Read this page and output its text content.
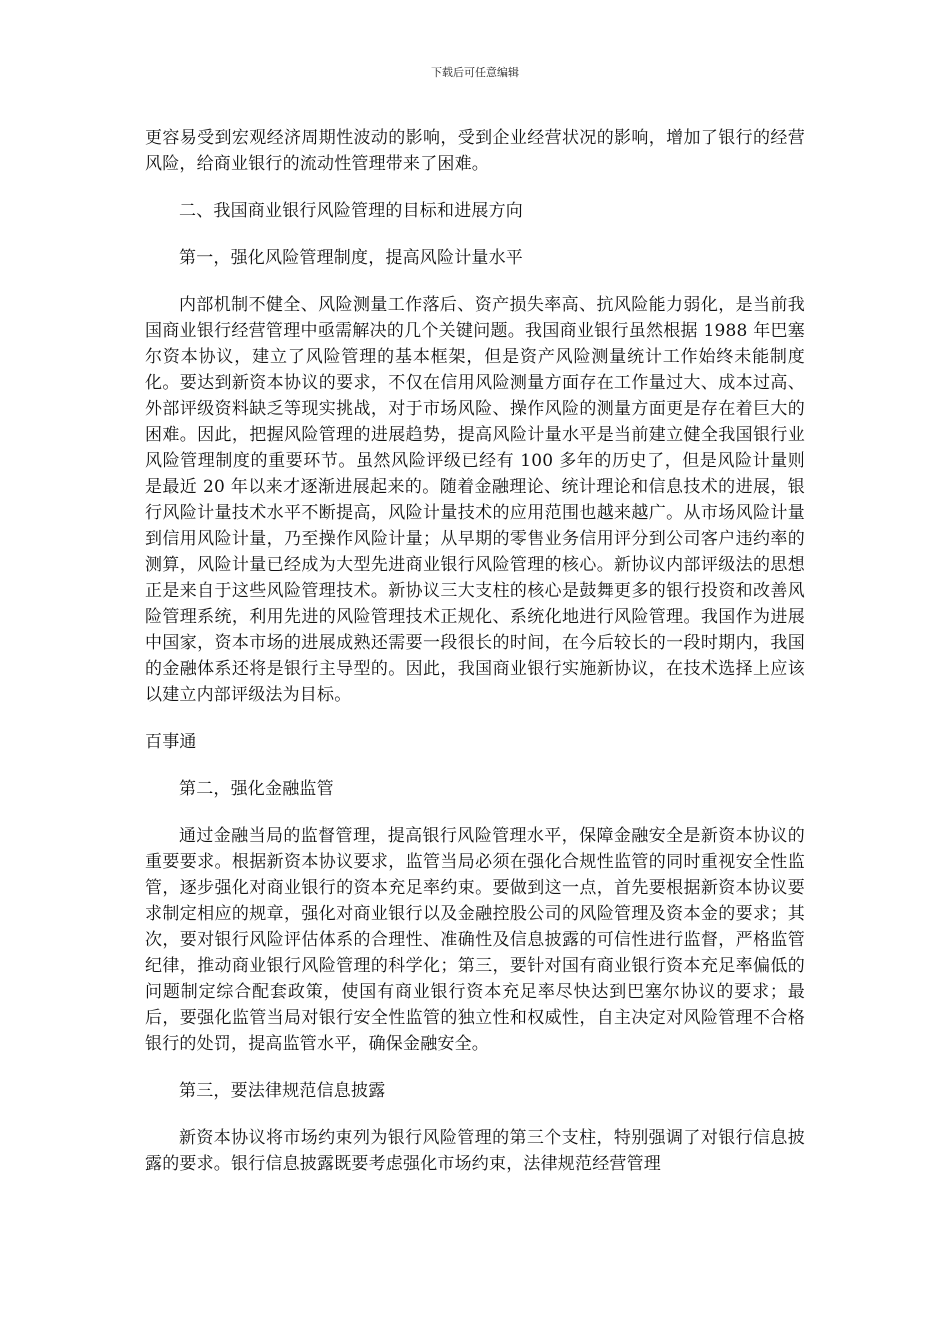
下载后可任意编辑

更容易受到宏观经济周期性波动的影响，受到企业经营状况的影响，增加了银行的经营风险，给商业银行的流动性管理带来了困难。

二、我国商业银行风险管理的目标和进展方向

第一，强化风险管理制度，提高风险计量水平

内部机制不健全、风险测量工作落后、资产损失率高、抗风险能力弱化，是当前我国商业银行经营管理中亟需解决的几个关键问题。我国商业银行虽然根据 1988 年巴塞尔资本协议，建立了风险管理的基本框架，但是资产风险测量统计工作始终未能制度化。要达到新资本协议的要求，不仅在信用风险测量方面存在工作量过大、成本过高、外部评级资料缺乏等现实挑战，对于市场风险、操作风险的测量方面更是存在着巨大的困难。因此，把握风险管理的进展趋势，提高风险计量水平是当前建立健全我国银行业风险管理制度的重要环节。虽然风险评级已经有 100 多年的历史了，但是风险计量则是最近 20 年以来才逐渐进展起来的。随着金融理论、统计理论和信息技术的进展，银行风险计量技术水平不断提高，风险计量技术的应用范围也越来越广。从市场风险计量到信用风险计量，乃至操作风险计量；从早期的零售业务信用评分到公司客户违约率的测算，风险计量已经成为大型先进商业银行风险管理的核心。新协议内部评级法的思想正是来自于这些风险管理技术。新协议三大支柱的核心是鼓舞更多的银行投资和改善风险管理系统，利用先进的风险管理技术正规化、系统化地进行风险管理。我国作为进展中国家，资本市场的进展成熟还需要一段很长的时间，在今后较长的一段时期内，我国的金融体系还将是银行主导型的。因此，我国商业银行实施新协议，在技术选择上应该以建立内部评级法为目标。

百事通

第二，强化金融监管

通过金融当局的监督管理，提高银行风险管理水平，保障金融安全是新资本协议的重要要求。根据新资本协议要求，监管当局必须在强化合规性监管的同时重视安全性监管，逐步强化对商业银行的资本充足率约束。要做到这一点，首先要根据新资本协议要求制定相应的规章，强化对商业银行以及金融控股公司的风险管理及资本金的要求；其次，要对银行风险评估体系的合理性、准确性及信息披露的可信性进行监督，严格监管纪律，推动商业银行风险管理的科学化；第三，要针对国有商业银行资本充足率偏低的问题制定综合配套政策，使国有商业银行资本充足率尽快达到巴塞尔协议的要求；最后，要强化监管当局对银行安全性监管的独立性和权威性，自主决定对风险管理不合格银行的处罚，提高监管水平，确保金融安全。

第三，要法律规范信息披露

新资本协议将市场约束列为银行风险管理的第三个支柱，特别强调了对银行信息披露的要求。银行信息披露既要考虑强化市场约束，法律规范经营管理
